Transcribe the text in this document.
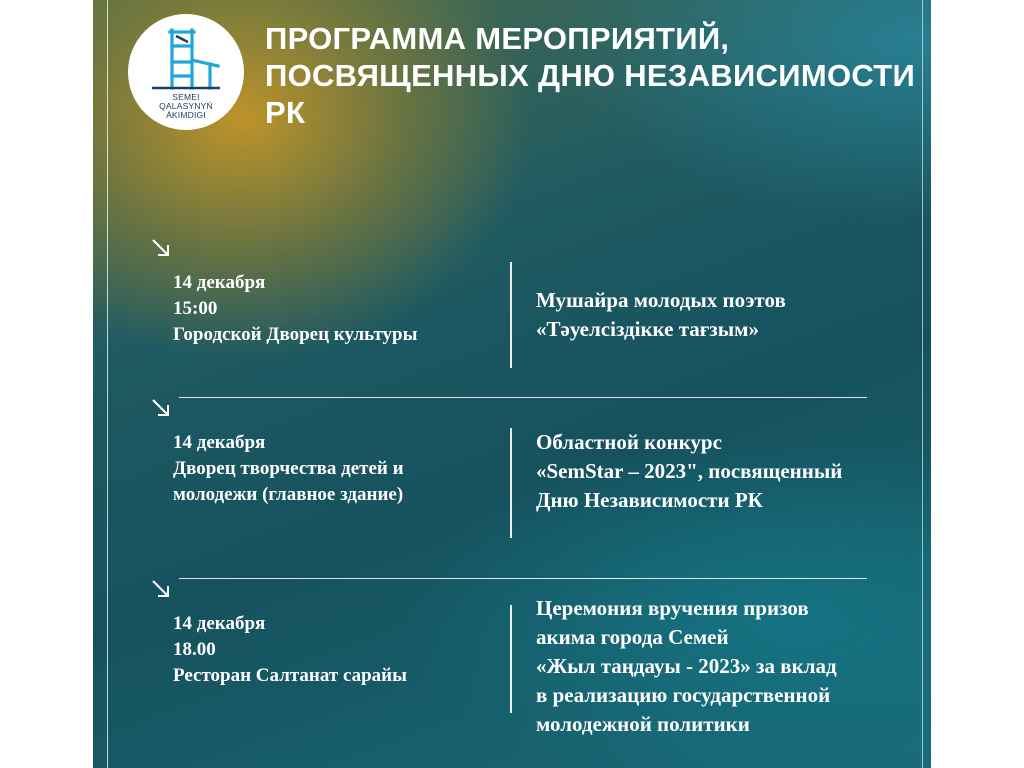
SEMEI
QALASYNYŃ
ÁKIMDIGI
ПРОГРАММА МЕРОПРИЯТИЙ,
ПОСВЯЩЕННЫХ ДНЮ НЕЗАВИСИМОСТИ
РК
14 декабря
15:00
Городской Дворец культуры
Мушайра молодых поэтов
«Тәуелсіздікке тағзым»
14 декабря
Дворец творчества детей и
молодежи (главное здание)
Областной конкурс
«SemStar – 2023", посвященный
Дню Независимости РК
14 декабря
18.00
Ресторан Салтанат сарайы
Церемония вручения призов
акима города Семей
«Жыл таңдауы - 2023» за вклад
в реализацию государственной
молодежной политики
